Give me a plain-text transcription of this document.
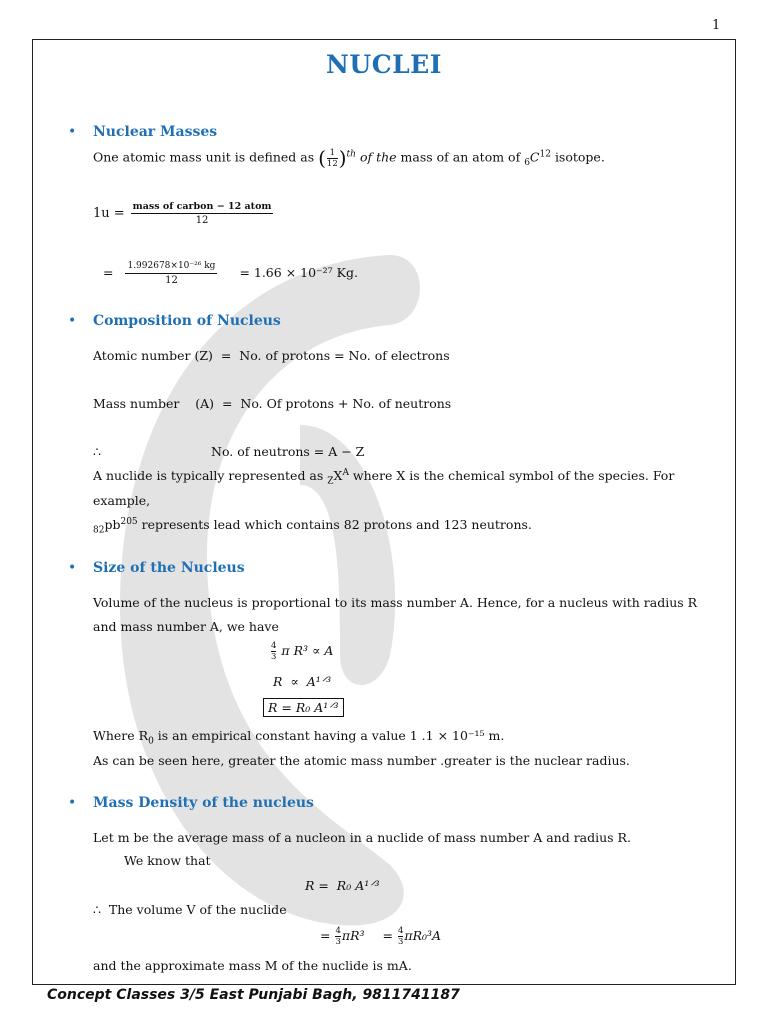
1
NUCLEI
• Nuclear Masses
One atomic mass unit is defined as ( $\frac{1}{12})^{th}$ of the mass of an atom of $_6C^{12}$ isotope.
$1u = \frac{\text{mass of carbon − 12 atom}}{12}$
= $\frac{\text{1.992678×10⁻²⁶ kg}}{12} = 1.66 \times 10^{-27}$ Kg.
• Composition of Nucleus
Atomic number (Z)  =  No. of protons = No. of electrons
Mass number    (A)  =  No. Of protons + No. of neutrons
∴	No. of neutrons = A − Z
A nuclide is typically represented as $_ZX^A$ where X is the chemical symbol of the species. For
example,
$_{82}pb^{205}$ represents lead which contains 82 protons and 123 neutrons.
• Size of the Nucleus
Volume of the nucleus is proportional to its mass number A. Hence, for a nucleus with radius R
and mass number A, we have
$\frac{4}{3}$ π R³ ∝ A
R  ∝  A¹ᐟ³
R = R₀ A¹ᐟ³
Where $R_0$ is an empirical constant having a value 1 .1 × 10⁻¹⁵ m.
As can be seen here, greater the atomic mass number .greater is the nuclear radius.
• Mass Density of the nucleus
Let m be the average mass of a nucleon in a nuclide of mass number A and radius R.
We know that
R =  R₀ A¹ᐟ³
∴  The volume V of the nuclide
= $\frac{4}{3}\pi R^3 = \frac{4}{3}\pi R_0^3A$
and the approximate mass M of the nuclide is mA.
Concept Classes 3/5 East Punjabi Bagh, 9811741187
